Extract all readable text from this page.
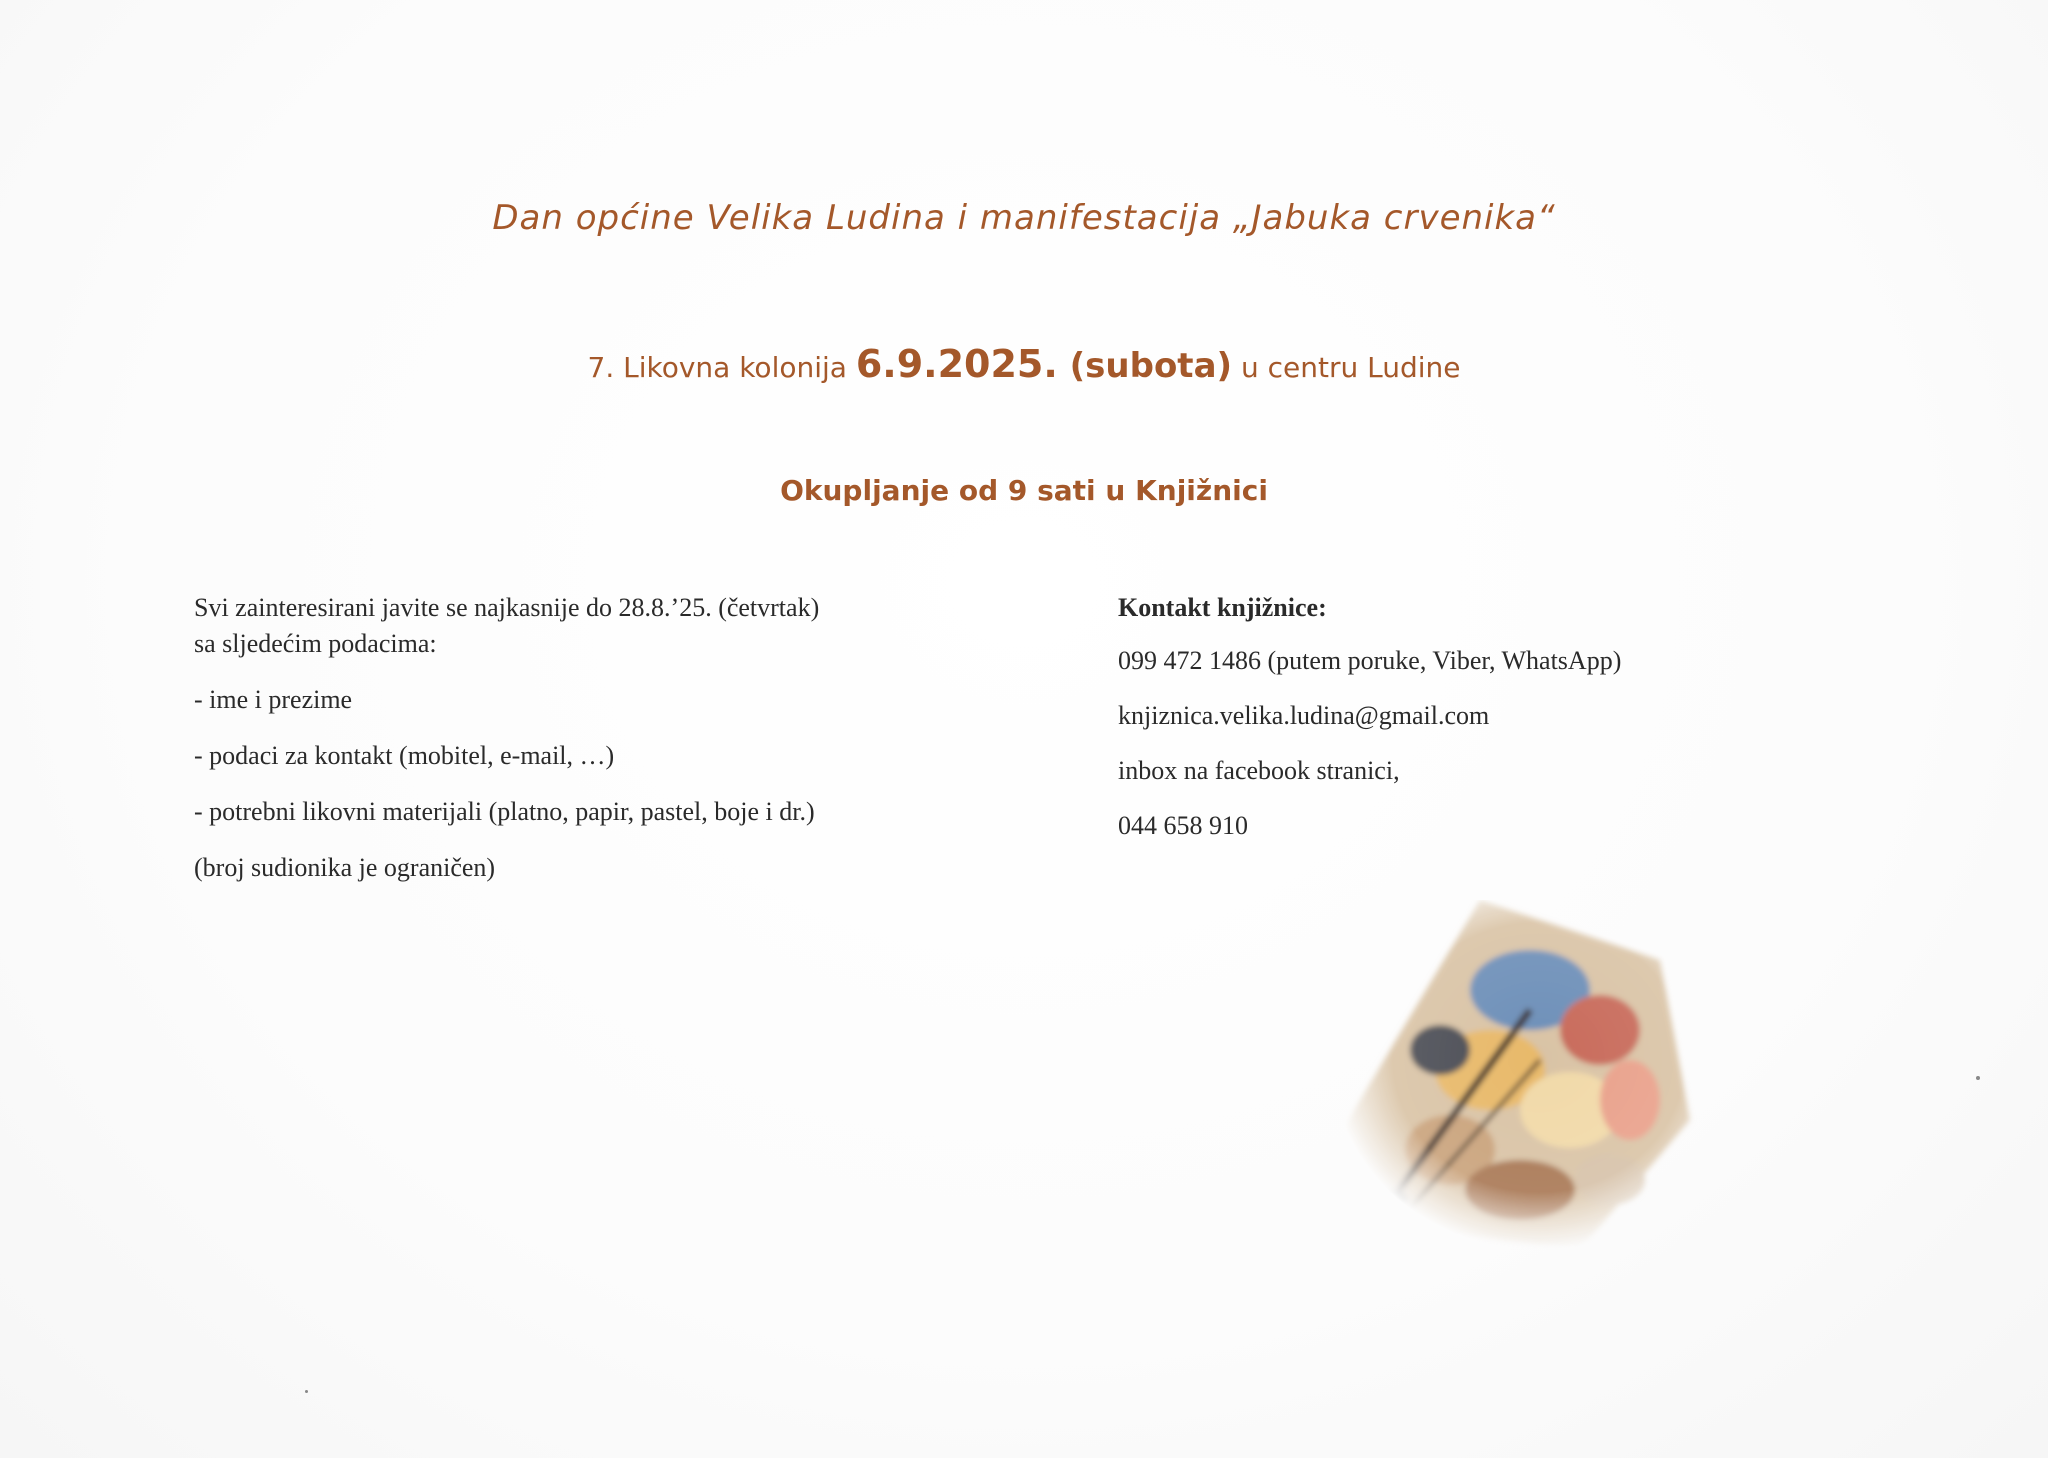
Dan općine Velika Ludina i manifestacija „Jabuka crvenika“
7. Likovna kolonija 6.9.2025. (subota) u centru Ludine
Okupljanje od 9 sati u Knjižnici

Svi zainteresirani javite se najkasnije do 28.8.’25. (četvrtak)

sa sljedećim podacima:

- ime i prezime

- podaci za kontakt (mobitel, e-mail, …)

- potrebni likovni materijali (platno, papir, pastel, boje i dr.)

(broj sudionika je ograničen)

Kontakt knjižnice:

099 472 1486 (putem poruke, Viber, WhatsApp)

knjiznica.velika.ludina@gmail.com

inbox na facebook stranici,

044 658 910
